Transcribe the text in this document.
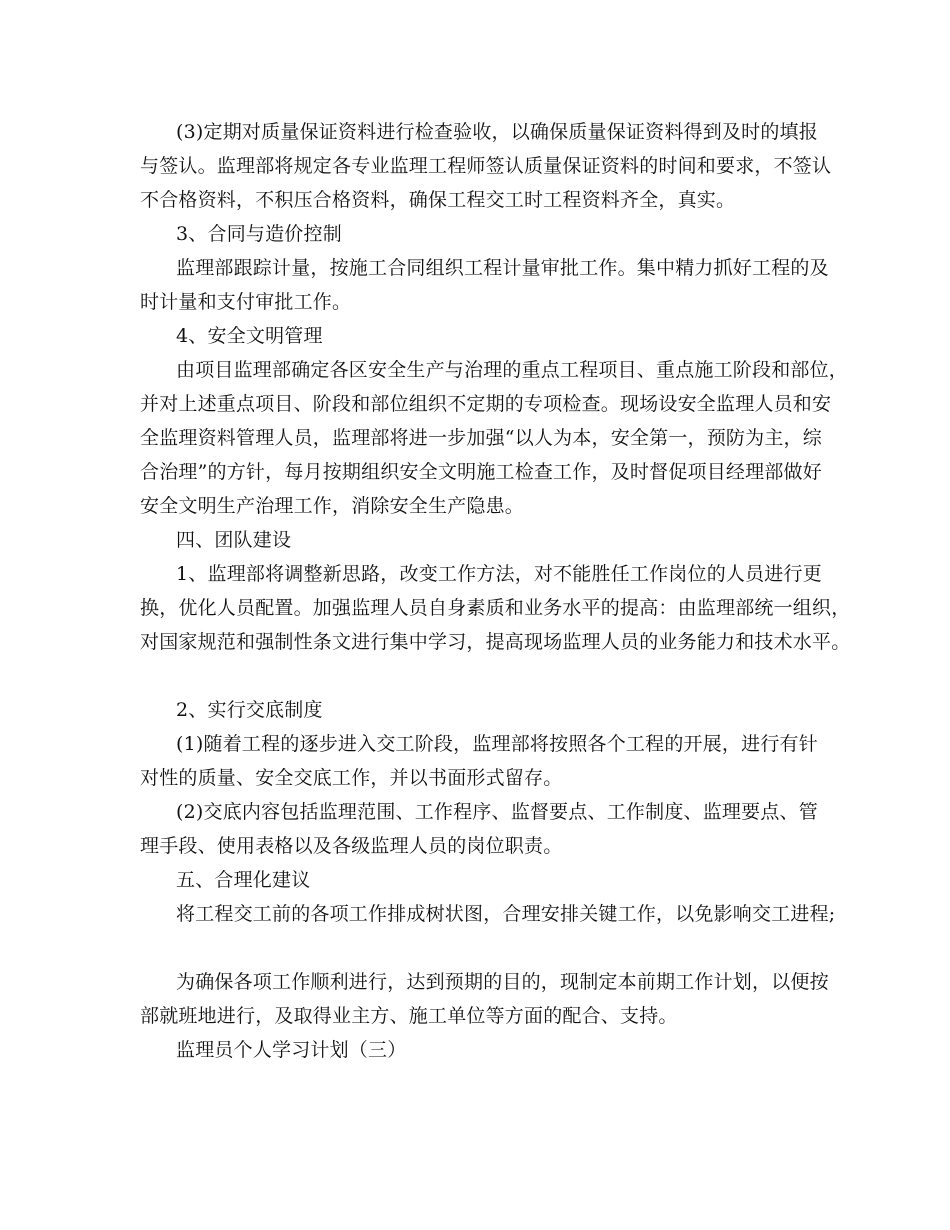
(3)定期对质量保证资料进行检查验收，以确保质量保证资料得到及时的填报
与签认。监理部将规定各专业监理工程师签认质量保证资料的时间和要求，不签认
不合格资料，不积压合格资料，确保工程交工时工程资料齐全，真实。
3、合同与造价控制
监理部跟踪计量，按施工合同组织工程计量审批工作。集中精力抓好工程的及
时计量和支付审批工作。
4、安全文明管理
由项目监理部确定各区安全生产与治理的重点工程项目、重点施工阶段和部位，
并对上述重点项目、阶段和部位组织不定期的专项检查。现场设安全监理人员和安
全监理资料管理人员，监理部将进一步加强“以人为本，安全第一，预防为主，综
合治理”的方针，每月按期组织安全文明施工检查工作，及时督促项目经理部做好
安全文明生产治理工作，消除安全生产隐患。
四、团队建设
1、监理部将调整新思路，改变工作方法，对不能胜任工作岗位的人员进行更
换，优化人员配置。加强监理人员自身素质和业务水平的提高：由监理部统一组织，
对国家规范和强制性条文进行集中学习，提高现场监理人员的业务能力和技术水平。
2、实行交底制度
(1)随着工程的逐步进入交工阶段，监理部将按照各个工程的开展，进行有针
对性的质量、安全交底工作，并以书面形式留存。
(2)交底内容包括监理范围、工作程序、监督要点、工作制度、监理要点、管
理手段、使用表格以及各级监理人员的岗位职责。
五、合理化建议
将工程交工前的各项工作排成树状图，合理安排关键工作，以免影响交工进程;
为确保各项工作顺利进行，达到预期的目的，现制定本前期工作计划，以便按
部就班地进行，及取得业主方、施工单位等方面的配合、支持。
监理员个人学习计划（三）
